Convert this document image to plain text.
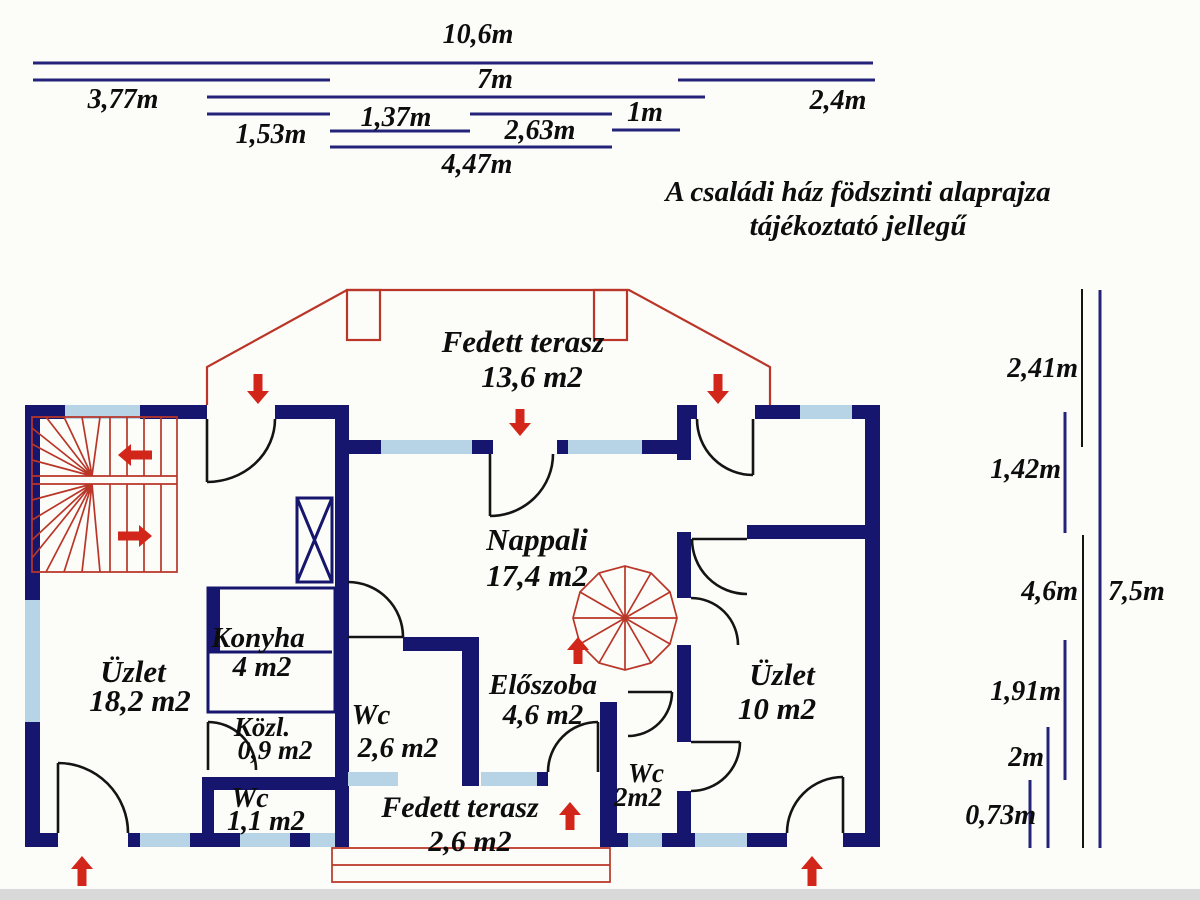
10,6m
7m
3,77m
1,53m
1,37m	2,63m
1m	2,4m
4,47m
A családi ház födszinti alaprajza
tájékoztató jellegű
Fedett terasz
13,6 m2
Nappali
17,4 m2
Üzlet
18,2 m2
Konyha
4 m2
Közl.
0,9 m2
Wc
2,6 m2
Előszoba
4,6 m2
Üzlet
10 m2
Wc
2m2
Wc
1,1 m2	Fedett terasz
2,6 m2
2,41m
1,42m
4,6m 7,5m
1,91m
2m
0,73m
